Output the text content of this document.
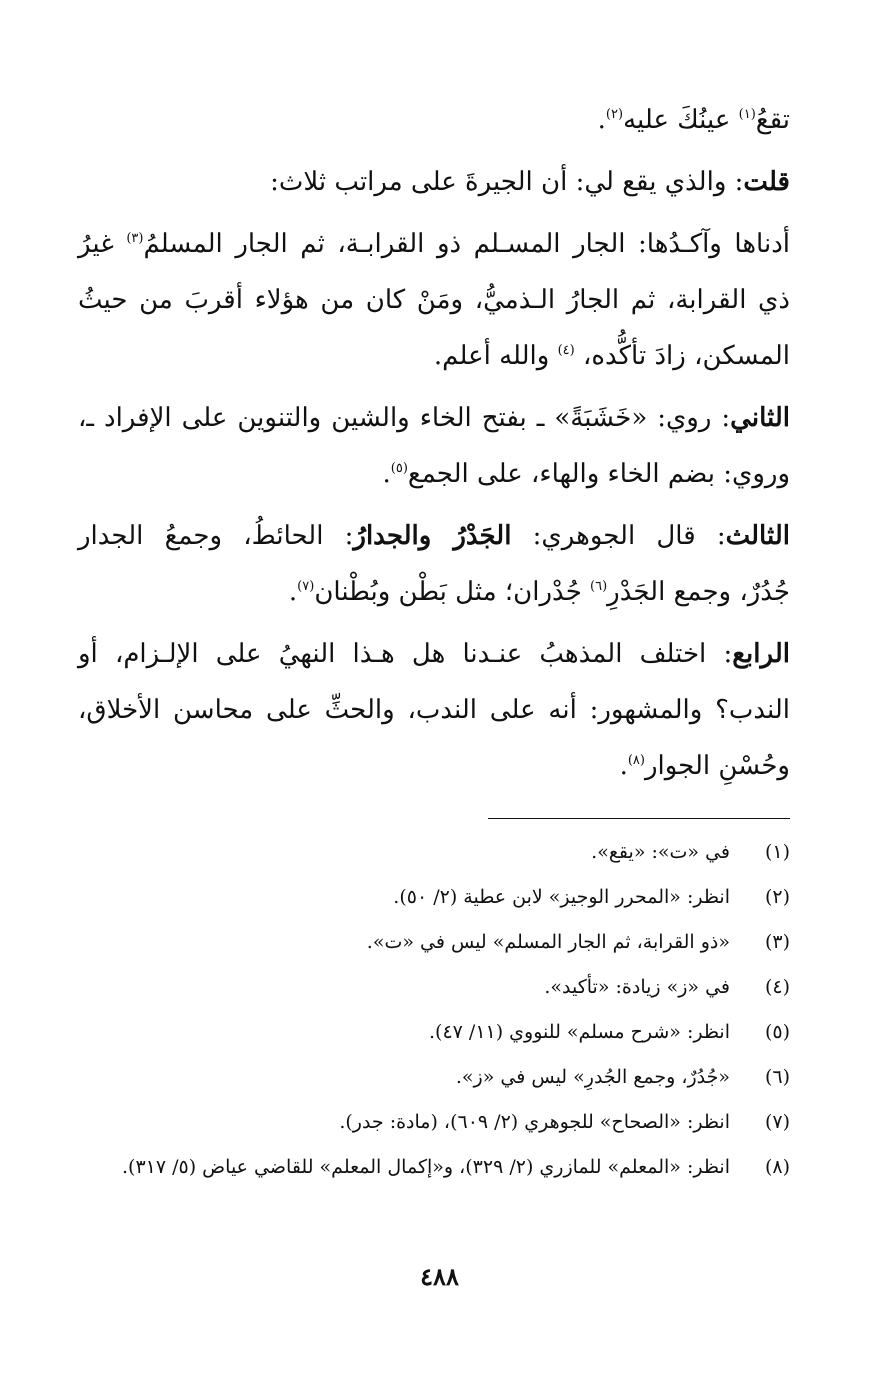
تقعُ$^{(١)}$ عينُكَ عليه$^{(٢)}$.
قلت: والذي يقع لي: أن الجيرةَ على مراتب ثلاث:
أدناها وآكـدُها: الجار المسـلم ذو القرابـة، ثم الجار المسلمُ$^{(٣)}$ غيرُ
ذي القرابة، ثم الجارُ الـذميُّ، ومَنْ كان من هؤلاء أقربَ من حيثُ
المسكن، زادَ تأكُّده، $^{(٤)}$ والله أعلم.
الثاني: روي: «خَشَبَةً» ـ بفتح الخاء والشين والتنوين على الإفراد ـ،
وروي: بضم الخاء والهاء، على الجمع$^{(٥)}$.
الثالث: قال الجوهري: الجَدْرُ والجدارُ: الحائطُ، وجمعُ الجدار
جُدُرٌ، وجمع الجَدْرِ$^{(٦)}$ جُدْران؛ مثل بَطْن وبُطْنان$^{(٧)}$.
الرابع: اختلف المذهبُ عنـدنا هل هـذا النهيُ على الإلـزام، أو
الندب؟ والمشهور: أنه على الندب، والحثِّ على محاسن الأخلاق،
وحُسْنِ الجوار$^{(٨)}$.
(١)
في «ت»: «يقع».
(٢)
انظر: «المحرر الوجيز» لابن عطية (٢/ ٥٠).
(٣)
«ذو القرابة، ثم الجار المسلم» ليس في «ت».
(٤)
في «ز» زيادة: «تأكيد».
(٥)
انظر: «شرح مسلم» للنووي (١١/ ٤٧).
(٦)
«جُدُرٌ، وجمع الجُدرِ» ليس في «ز».
(٧)
انظر: «الصحاح» للجوهري (٢/ ٦٠٩)، (مادة: جدر).
(٨)
انظر: «المعلم» للمازري (٢/ ٣٢٩)، و«إكمال المعلم» للقاضي عياض (٥/ ٣١٧).
٤٨٨
